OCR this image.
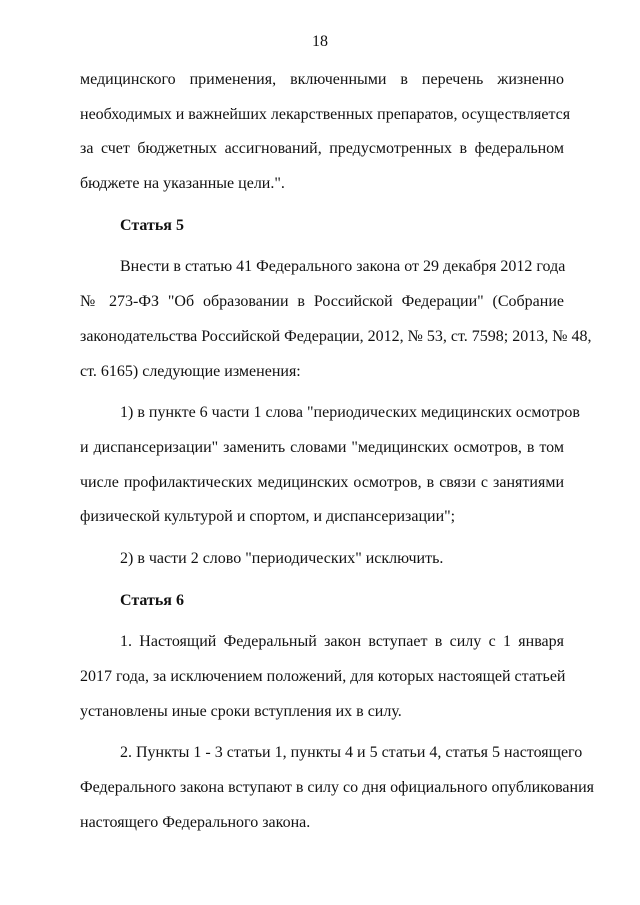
18
медицинского применения, включенными в перечень жизненно
необходимых и важнейших лекарственных препаратов, осуществляется
за счет бюджетных ассигнований, предусмотренных в федеральном
бюджете на указанные цели.".
Статья 5
Внести в статью 41 Федерального закона от 29 декабря 2012 года
№ 273-ФЗ "Об образовании в Российской Федерации" (Собрание
законодательства Российской Федерации, 2012, № 53, ст. 7598; 2013, № 48,
ст. 6165) следующие изменения:
1) в пункте 6 части 1 слова "периодических медицинских осмотров
и диспансеризации" заменить словами "медицинских осмотров, в том
числе профилактических медицинских осмотров, в связи с занятиями
физической культурой и спортом, и диспансеризации";
2) в части 2 слово "периодических" исключить.
Статья 6
1. Настоящий Федеральный закон вступает в силу с 1 января
2017 года, за исключением положений, для которых настоящей статьей
установлены иные сроки вступления их в силу.
2. Пункты 1 - 3 статьи 1, пункты 4 и 5 статьи 4, статья 5 настоящего
Федерального закона вступают в силу со дня официального опубликования
настоящего Федерального закона.
